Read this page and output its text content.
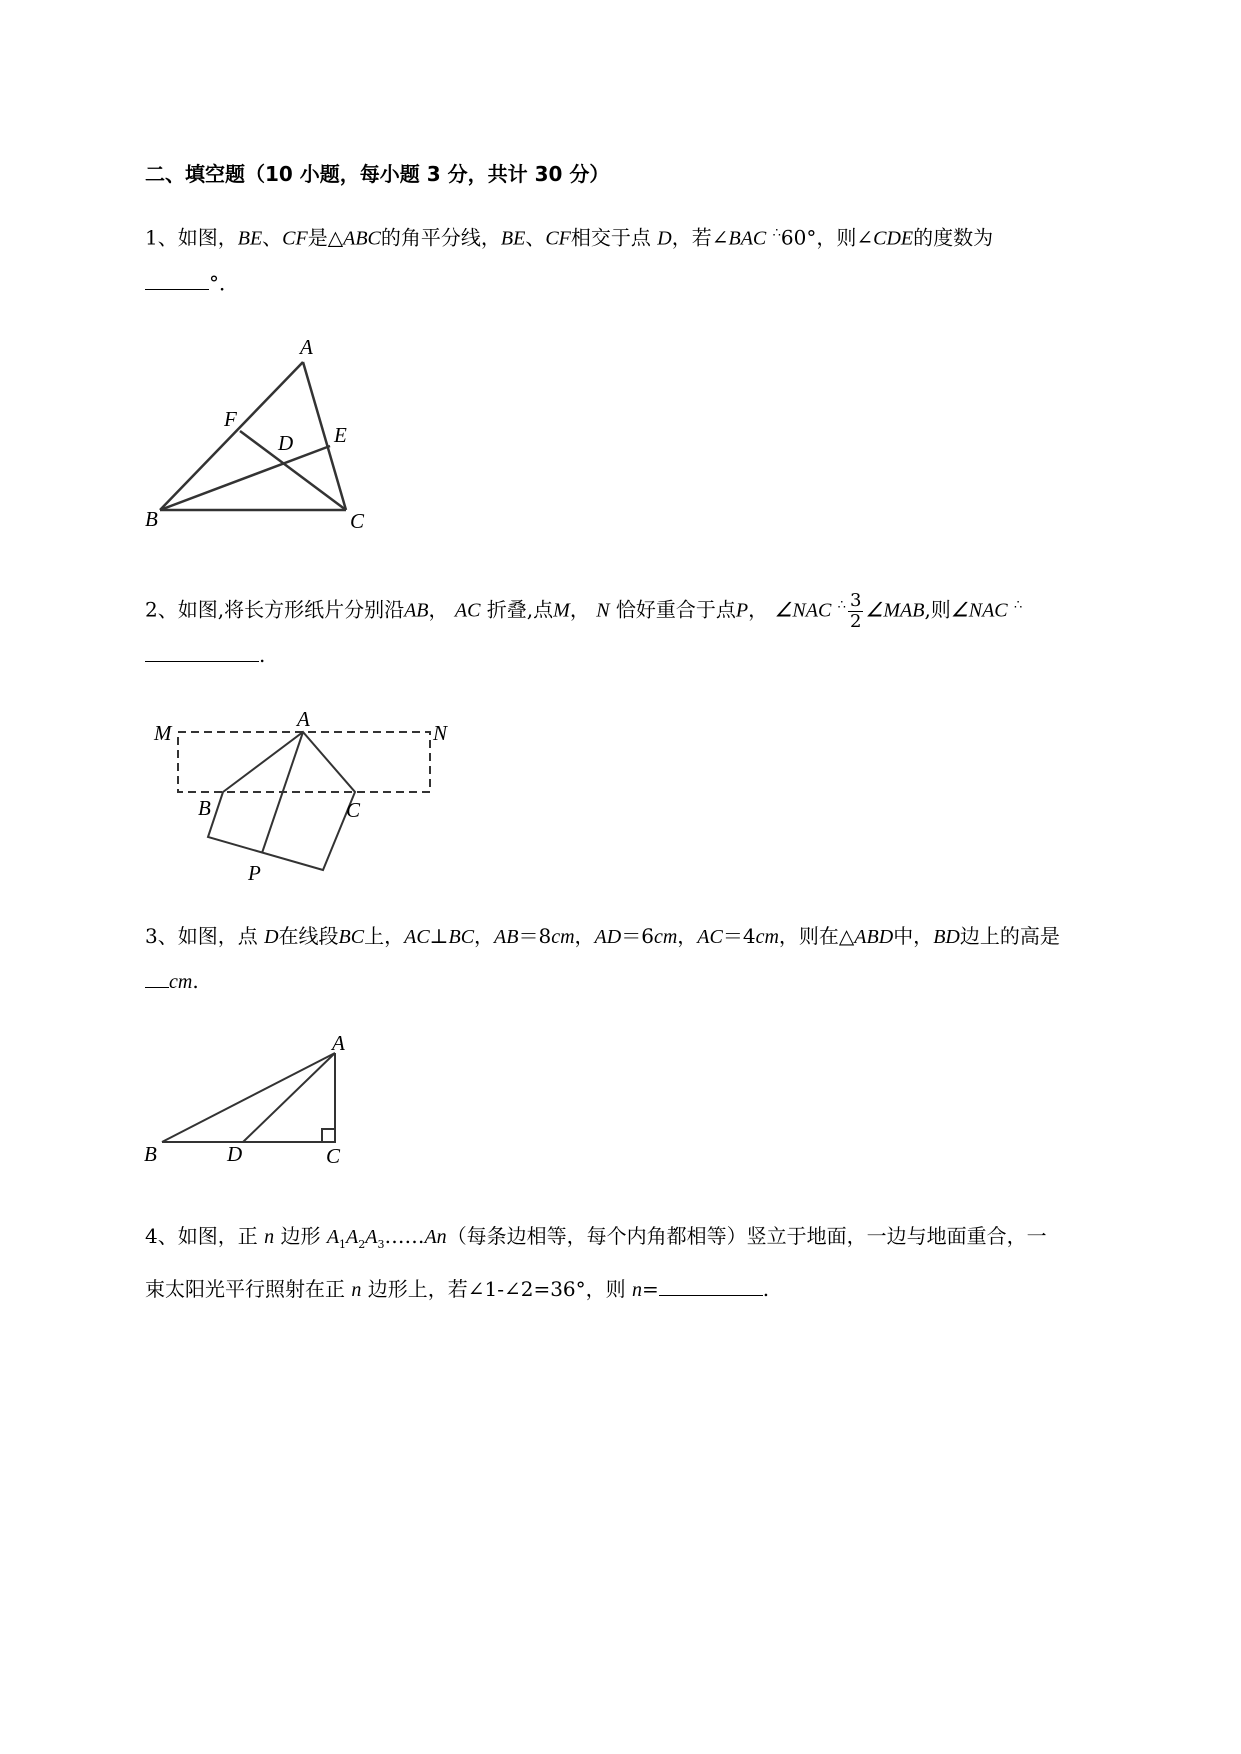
二、填空题（10 小题，每小题 3 分，共计 30 分）
1、如图，BE、CF是△ABC的角平分线，BE、CF相交于点 D，若∠BAC ∴60°，则∠CDE的度数为
°．
A
B	C
D E
F
2、如图,将长方形纸片分别沿AB， AC 折叠,点M， N 恰好重合于点P， ∠NAC $^\therefore \frac{3}{2}$ ∠MAB,则∠NAC ∴
.
M
A
N
B	C
P
3、如图，点 D在线段BC上，AC⊥BC，AB＝8cm，AD＝6cm，AC＝4cm，则在△ABD中，BD边上的高是
cm.
A
B	D	C
4、如图，正 n 边形 $A_1A_2A_3\dots\dots An$（每条边相等，每个内角都相等）竖立于地面，一边与地面重合，一
束太阳光平行照射在正 n 边形上，若∠1-∠2=36°，则 n=	.
